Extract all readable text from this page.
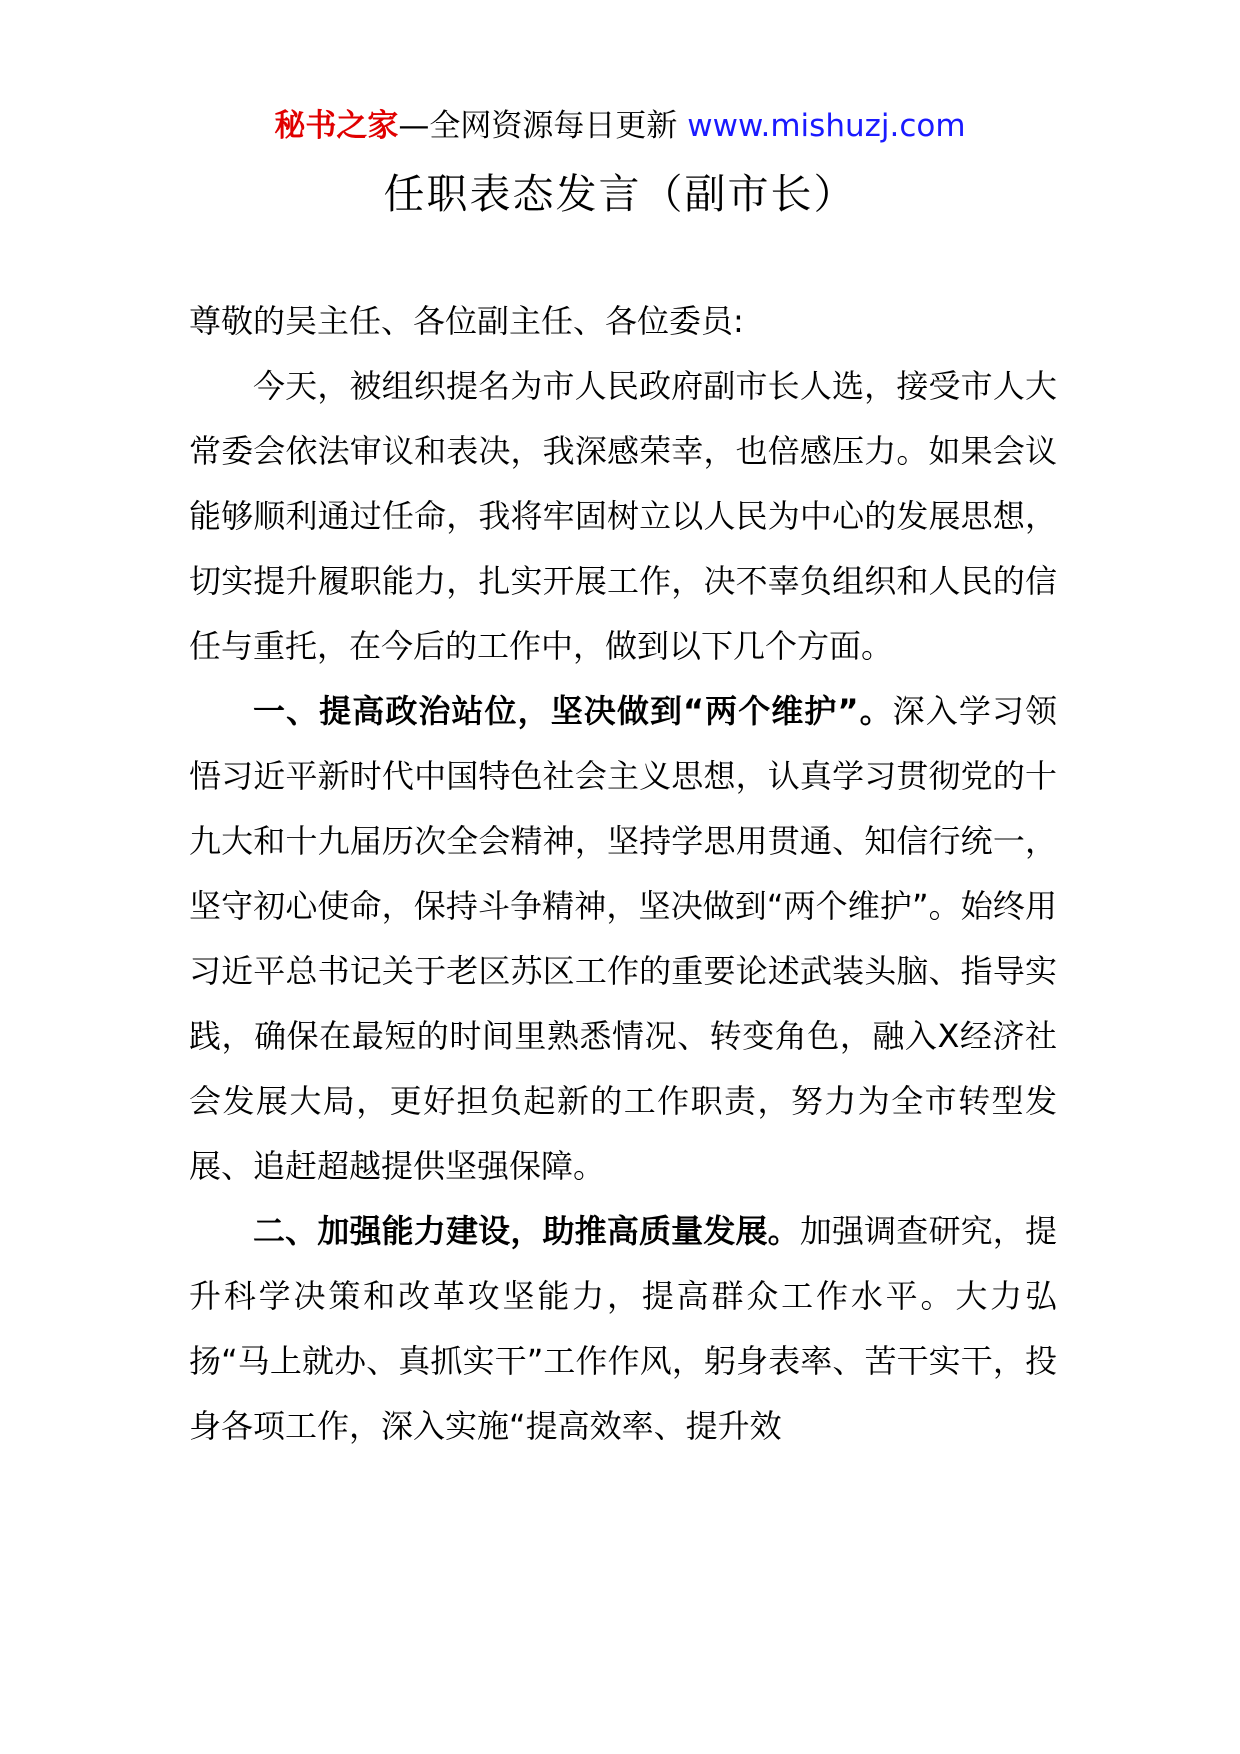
秘书之家—全网资源每日更新 www.mishuzj.com
任职表态发言（副市长）

尊敬的吴主任、各位副主任、各位委员:

今天，被组织提名为市人民政府副市长人选，接受市人大常委会依法审议和表决，我深感荣幸，也倍感压力。如果会议能够顺利通过任命，我将牢固树立以人民为中心的发展思想，切实提升履职能力，扎实开展工作，决不辜负组织和人民的信任与重托，在今后的工作中，做到以下几个方面。

一、提高政治站位，坚决做到“两个维护”。深入学习领悟习近平新时代中国特色社会主义思想，认真学习贯彻党的十九大和十九届历次全会精神，坚持学思用贯通、知信行统一，坚守初心使命，保持斗争精神，坚决做到“两个维护”。始终用习近平总书记关于老区苏区工作的重要论述武装头脑、指导实践，确保在最短的时间里熟悉情况、转变角色，融入X经济社会发展大局，更好担负起新的工作职责，努力为全市转型发展、追赶超越提供坚强保障。

二、加强能力建设，助推高质量发展。加强调查研究，提升科学决策和改革攻坚能力，提高群众工作水平。大力弘扬“马上就办、真抓实干”工作作风，躬身表率、苦干实干，投身各项工作，深入实施“提高效率、提升效
